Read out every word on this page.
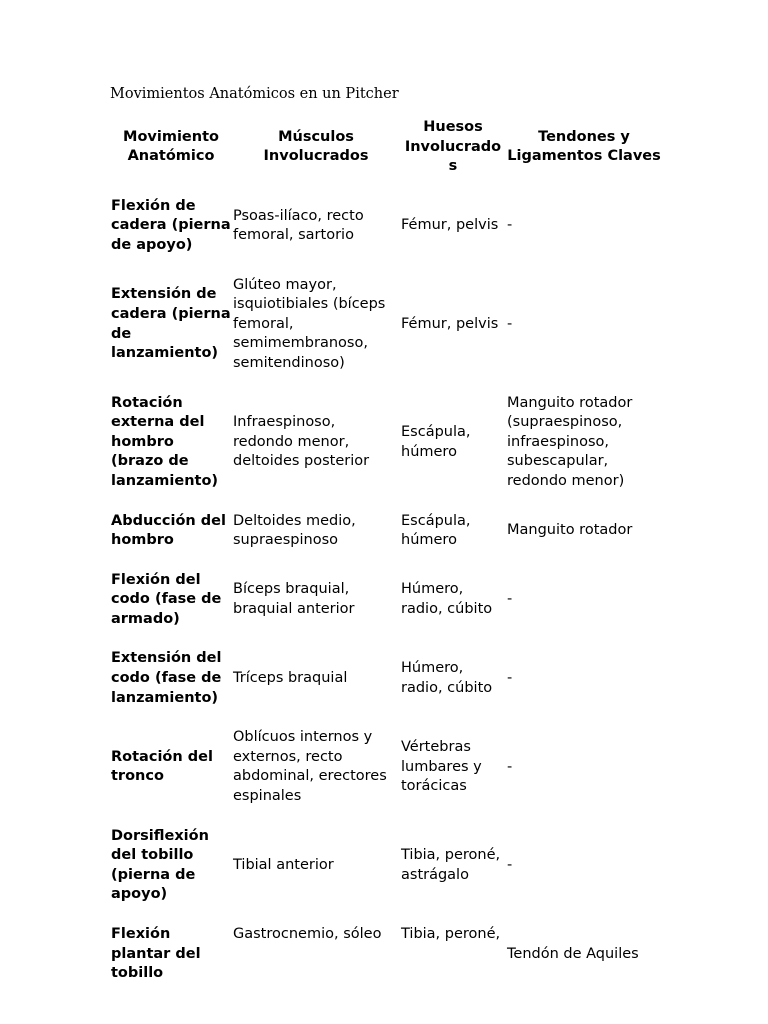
Movimientos Anatómicos en un Pitcher
Movimiento Anatómico	Músculos Involucrados	Huesos Involucrados	Tendones y Ligamentos Claves
Flexión de cadera (pierna de apoyo)	Psoas-ilíaco, recto femoral, sartorio	Fémur, pelvis	-
Extensión de cadera (pierna de lanzamiento)	Glúteo mayor, isquiotibiales (bíceps femoral, semimembranoso, semitendinoso)	Fémur, pelvis	-
Rotación externa del hombro (brazo de lanzamiento)	Infraespinoso, redondo menor, deltoides posterior	Escápula, húmero	Manguito rotador (supraespinoso, infraespinoso, subescapular, redondo menor)
Abducción del hombro	Deltoides medio, supraespinoso	Escápula, húmero	Manguito rotador
Flexión del codo (fase de armado)	Bíceps braquial, braquial anterior	Húmero, radio, cúbito	-
Extensión del codo (fase de lanzamiento)	Tríceps braquial	Húmero, radio, cúbito	-
Rotación del tronco	Oblícuos internos y externos, recto abdominal, erectores espinales	Vértebras lumbares y torácicas	-
Dorsiflexión del tobillo (pierna de apoyo)	Tibial anterior	Tibia, peroné, astrágalo	-
Flexión plantar del tobillo	Gastrocnemio, sóleo	Tibia, peroné,	Tendón de Aquiles
